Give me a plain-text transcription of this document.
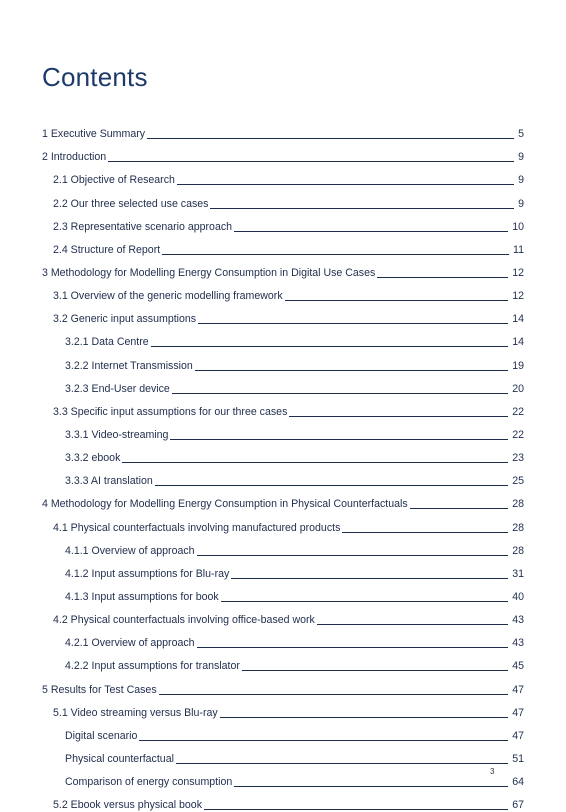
Contents
1 Executive Summary	5
2 Introduction	9
2.1 Objective of Research	9
2.2 Our three selected use cases	9
2.3 Representative scenario approach	10
2.4 Structure of Report	11
3 Methodology for Modelling Energy Consumption in Digital Use Cases	12
3.1 Overview of the generic modelling framework	12
3.2 Generic input assumptions	14
3.2.1 Data Centre	14
3.2.2 Internet Transmission	19
3.2.3 End-User device	20
3.3 Specific input assumptions for our three cases	22
3.3.1 Video-streaming	22
3.3.2 ebook	23
3.3.3 AI translation	25
4 Methodology for Modelling Energy Consumption in Physical Counterfactuals	28
4.1 Physical counterfactuals involving manufactured products	28
4.1.1 Overview of approach	28
4.1.2 Input assumptions for Blu-ray	31
4.1.3 Input assumptions for book	40
4.2 Physical counterfactuals involving office-based work	43
4.2.1 Overview of approach	43
4.2.2 Input assumptions for translator	45
5 Results for Test Cases	47
5.1 Video streaming versus Blu-ray	47
Digital scenario	47
Physical counterfactual	51
Comparison of energy consumption	64
5.2 Ebook versus physical book	67
3
